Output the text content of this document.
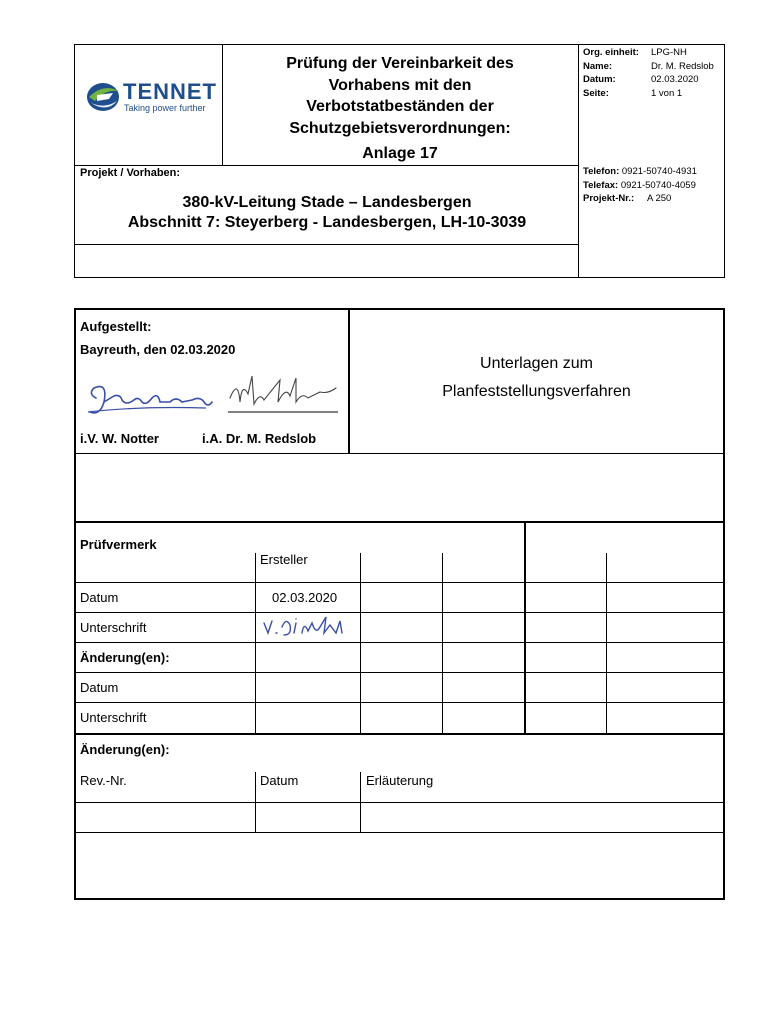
TENNET
Taking power further
Prüfung der Vereinbarkeit des
Vorhabens mit den
Verbotstatbeständen der
Schutzgebietsverordnungen:
Anlage 17
Org. einheit: LPG-NH
Name:	Dr. M. Redslob
Datum:	02.03.2020
Seite:	1 von 1
Projekt / Vorhaben:
380-kV-Leitung Stade – Landesbergen
Abschnitt 7: Steyerberg - Landesbergen, LH-10-3039
Telefon: 0921-50740-4931
Telefax: 0921-50740-4059
Projekt-Nr.: A 250
Aufgestellt:
Bayreuth, den 02.03.2020
i.V. W. Notter	i.A. Dr. M. Redslob
Unterlagen zum
Planfeststellungsverfahren
Prüfvermerk
Ersteller
Datum	02.03.2020
Unterschrift
Änderung(en):
Datum
Unterschrift
Änderung(en):
Rev.-Nr.	Datum	Erläuterung
